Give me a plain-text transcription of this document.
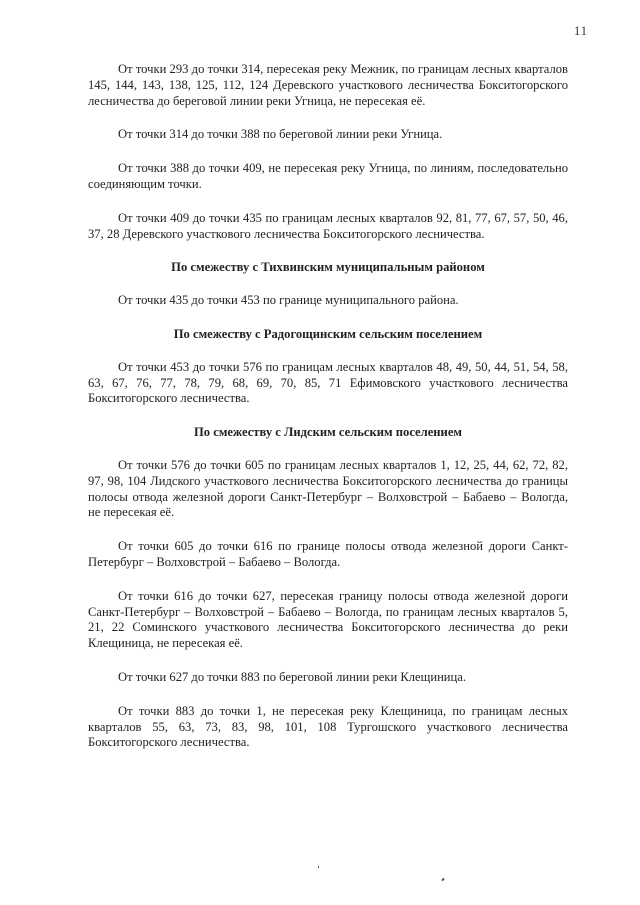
11

От точки 293 до точки 314, пересекая реку Межник, по границам лесных кварталов 145, 144, 143, 138, 125, 112, 124 Деревского участкового лесничества Бокситогорского лесничества до береговой линии реки Угница, не пересекая её.

От точки 314 до точки 388 по береговой линии реки Угница.

От точки 388 до точки 409, не пересекая реку Угница, по линиям, последовательно соединяющим точки.

От точки 409 до точки 435 по границам лесных кварталов 92, 81, 77, 67, 57, 50, 46, 37, 28 Деревского участкового лесничества Бокситогорского лесничества.

По смежеству с Тихвинским муниципальным районом

От точки 435 до точки 453 по границе муниципального района.

По смежеству с Радогощинским сельским поселением

От точки 453 до точки 576 по границам лесных кварталов 48, 49, 50, 44, 51, 54, 58, 63, 67, 76, 77, 78, 79, 68, 69, 70, 85, 71 Ефимовского участкового лесничества Бокситогорского лесничества.

По смежеству с Лидским сельским поселением

От точки 576 до точки 605 по границам лесных кварталов 1, 12, 25, 44, 62, 72, 82, 97, 98, 104 Лидского участкового лесничества Бокситогорского лесничества до границы полосы отвода железной дороги Санкт-Петербург – Волховстрой – Бабаево – Вологда, не пересекая её.

От точки 605 до точки 616 по границе полосы отвода железной дороги Санкт-Петербург – Волховстрой – Бабаево – Вологда.

От точки 616 до точки 627, пересекая границу полосы отвода железной дороги Санкт-Петербург – Волховстрой – Бабаево – Вологда, по границам лесных кварталов 5, 21, 22 Соминского участкового лесничества Бокситогорского лесничества до реки Клещиница, не пересекая её.

От точки 627 до точки 883 по береговой линии реки Клещиница.

От точки 883 до точки 1, не пересекая реку Клещиница, по границам лесных кварталов 55, 63, 73, 83, 98, 101, 108 Тургошского участкового лесничества Бокситогорского лесничества.
